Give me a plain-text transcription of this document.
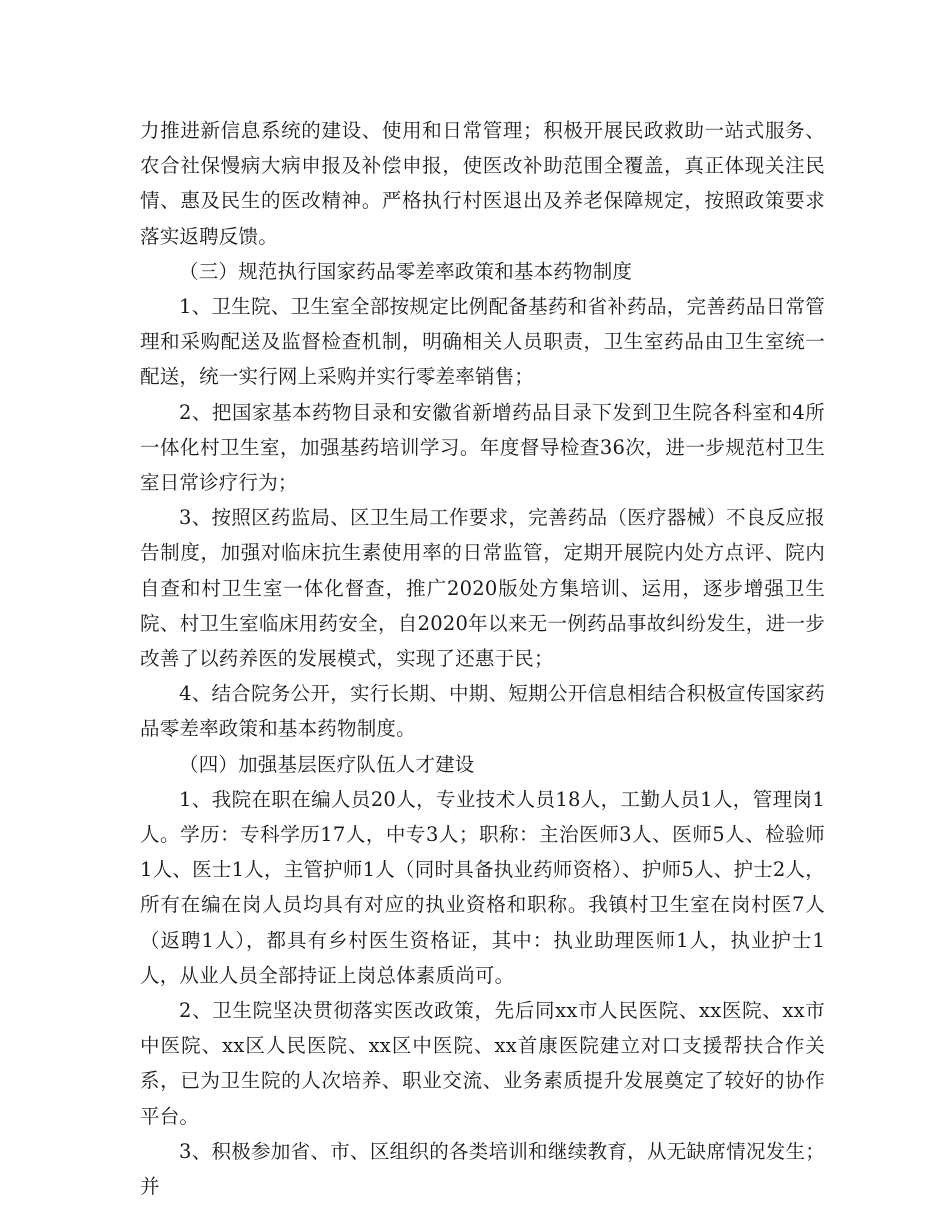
力推进新信息系统的建设、使用和日常管理；积极开展民政救助一站式服务、农合社保慢病大病申报及补偿申报，使医改补助范围全覆盖，真正体现关注民情、惠及民生的医改精神。严格执行村医退出及养老保障规定，按照政策要求落实返聘反馈。

（三）规范执行国家药品零差率政策和基本药物制度

1、卫生院、卫生室全部按规定比例配备基药和省补药品，完善药品日常管理和采购配送及监督检查机制，明确相关人员职责，卫生室药品由卫生室统一配送，统一实行网上采购并实行零差率销售；

2、把国家基本药物目录和安徽省新增药品目录下发到卫生院各科室和4所一体化村卫生室，加强基药培训学习。年度督导检查36次，进一步规范村卫生室日常诊疗行为；

3、按照区药监局、区卫生局工作要求，完善药品（医疗器械）不良反应报告制度，加强对临床抗生素使用率的日常监管，定期开展院内处方点评、院内自查和村卫生室一体化督查，推广2020版处方集培训、运用，逐步增强卫生院、村卫生室临床用药安全，自2020年以来无一例药品事故纠纷发生，进一步改善了以药养医的发展模式，实现了还惠于民；

4、结合院务公开，实行长期、中期、短期公开信息相结合积极宣传国家药品零差率政策和基本药物制度。

（四）加强基层医疗队伍人才建设

1、我院在职在编人员20人，专业技术人员18人，工勤人员1人，管理岗1人。学历：专科学历17人，中专3人；职称：主治医师3人、医师5人、检验师1人、医士1人，主管护师1人（同时具备执业药师资格）、护师5人、护士2人，所有在编在岗人员均具有对应的执业资格和职称。我镇村卫生室在岗村医7人（返聘1人），都具有乡村医生资格证，其中：执业助理医师1人，执业护士1人，从业人员全部持证上岗总体素质尚可。

2、卫生院坚决贯彻落实医改政策，先后同xx市人民医院、xx医院、xx市中医院、xx区人民医院、xx区中医院、xx首康医院建立对口支援帮扶合作关系，已为卫生院的人次培养、职业交流、业务素质提升发展奠定了较好的协作平台。

3、积极参加省、市、区组织的各类培训和继续教育，从无缺席情况发生；并
